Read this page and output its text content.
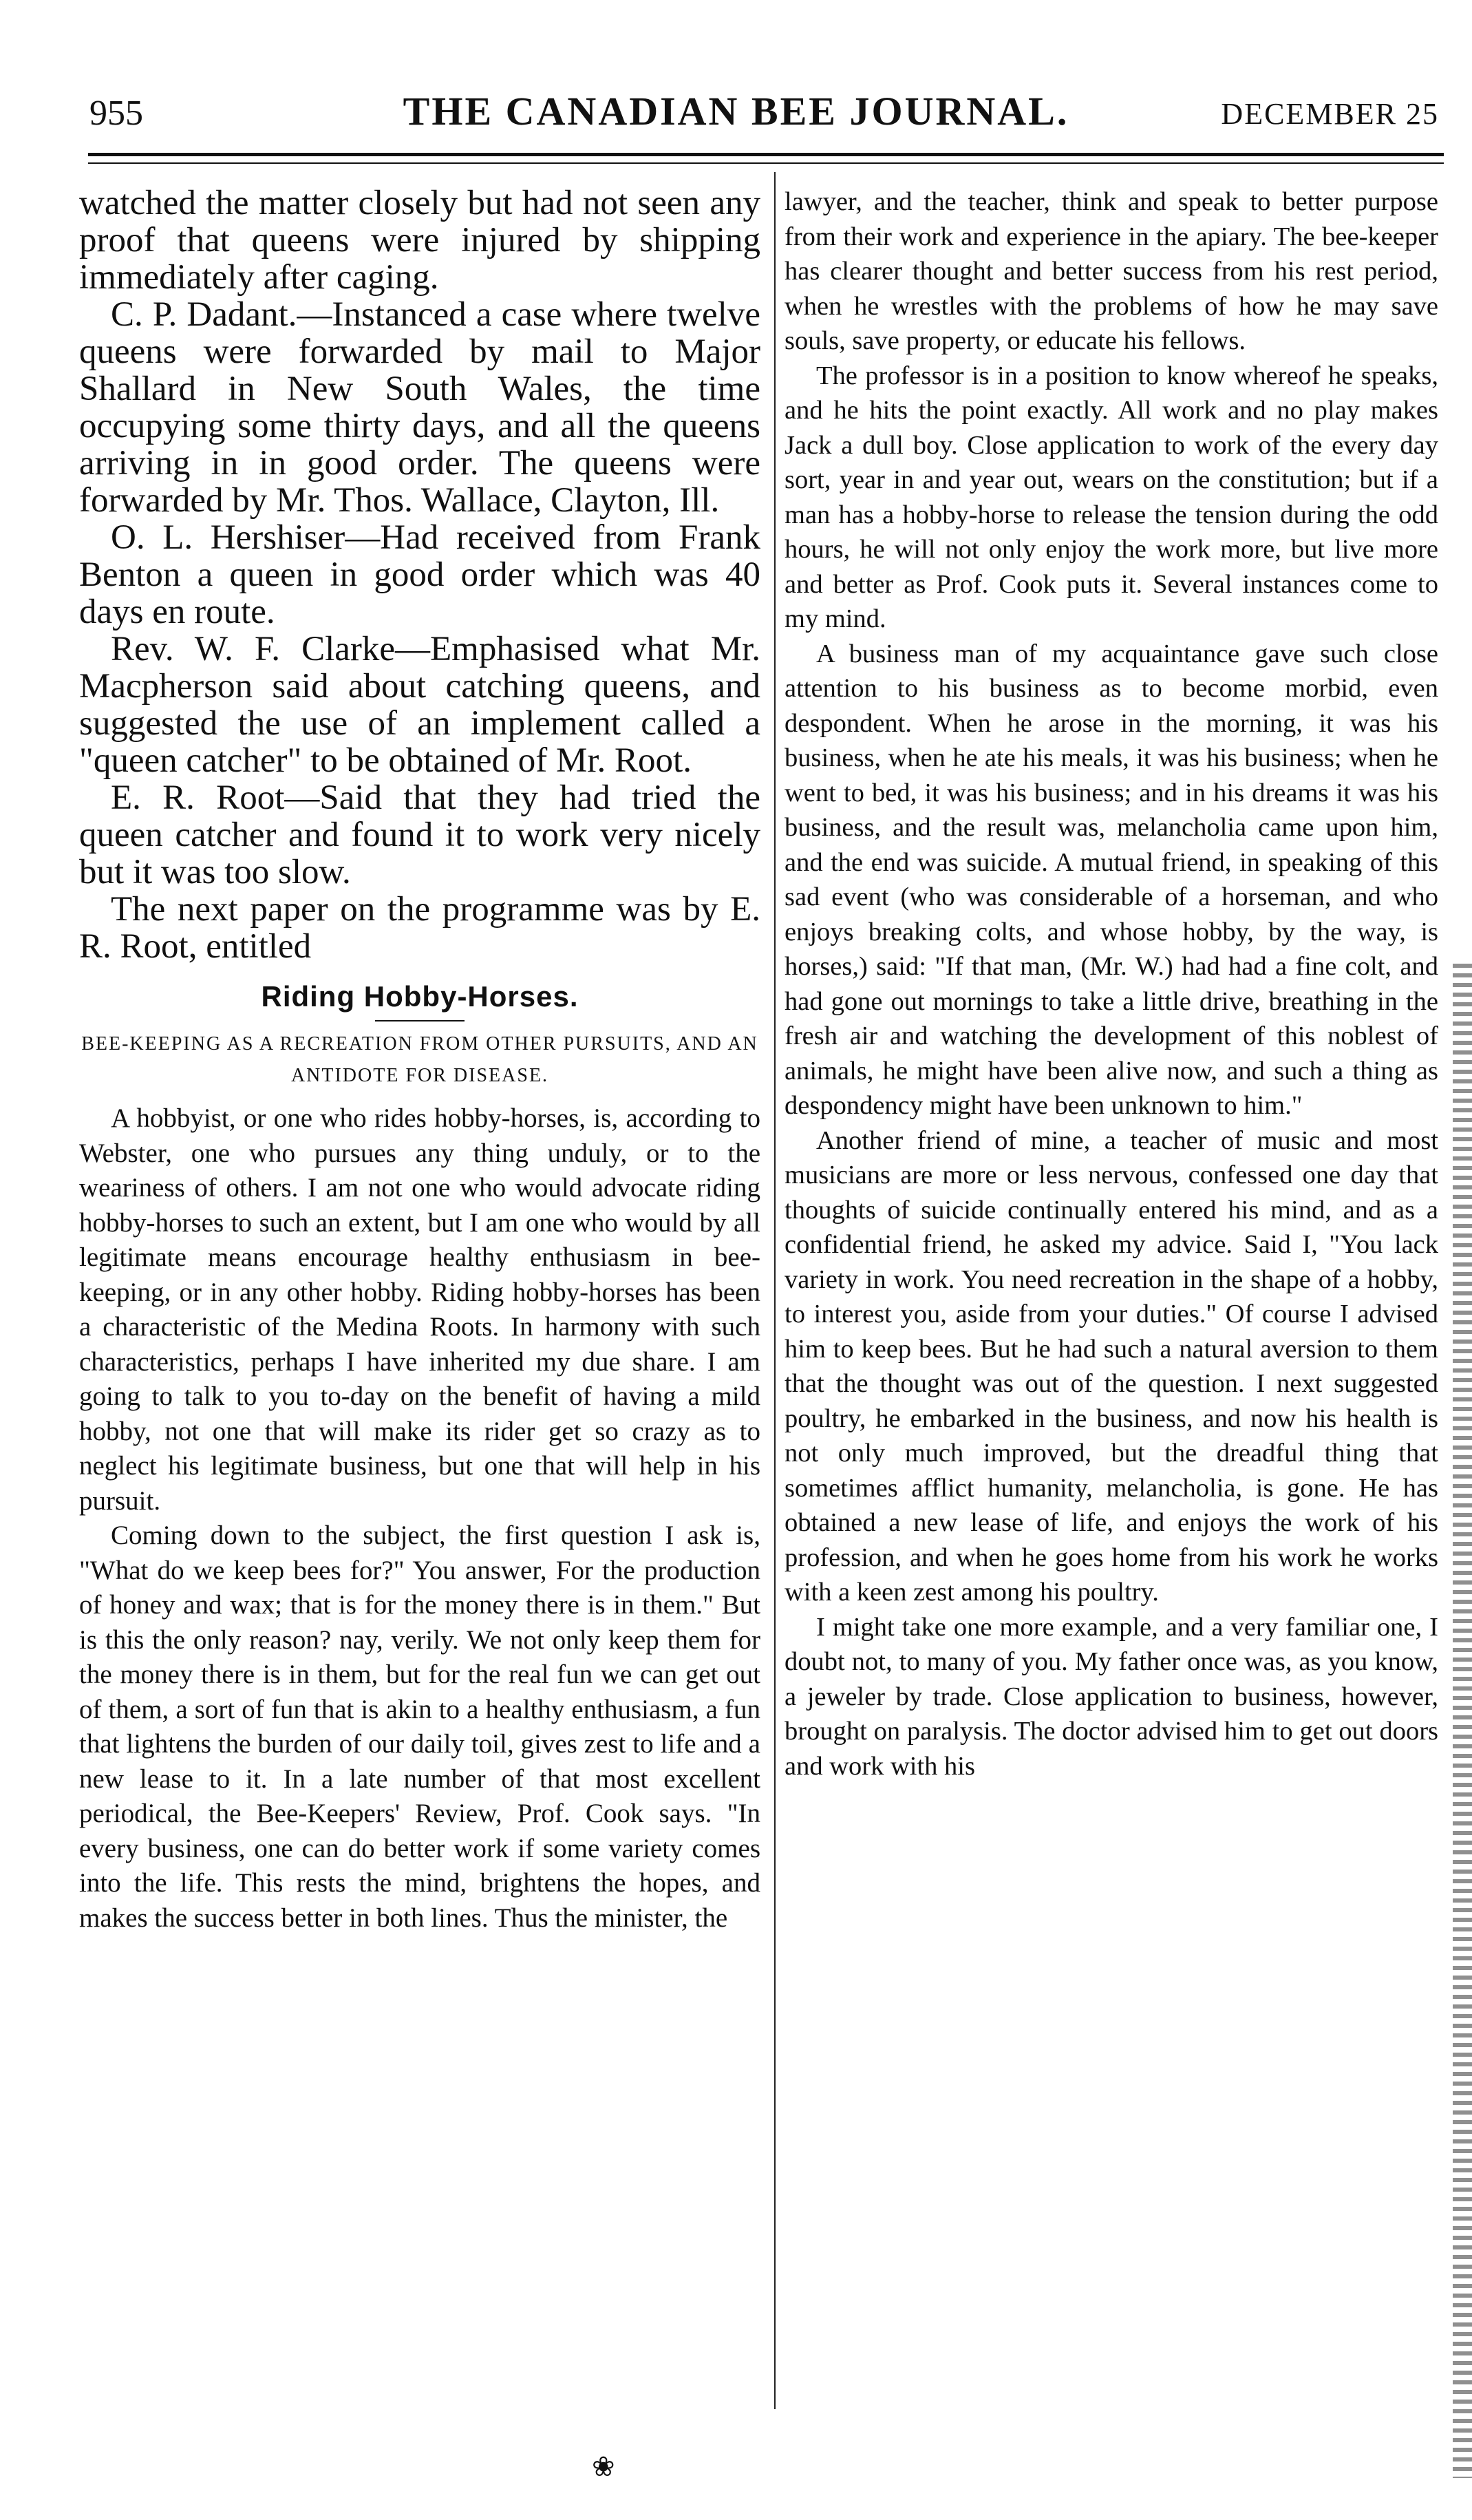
955	THE CANADIAN BEE JOURNAL.	DECEMBER 25

watched the matter closely but had not seen any proof that queens were injured by shipping immediately after caging.

C. P. Dadant.—Instanced a case where twelve queens were forwarded by mail to Major Shallard in New South Wales, the time occupying some thirty days, and all the queens arriving in in good order. The queens were forwarded by Mr. Thos. Wallace, Clayton, Ill.

O. L. Hershiser—Had received from Frank Benton a queen in good order which was 40 days en route.

Rev. W. F. Clarke—Emphasised what Mr. Macpherson said about catching queens, and suggested the use of an implement called a "queen catcher" to be obtained of Mr. Root.

E. R. Root—Said that they had tried the queen catcher and found it to work very nicely but it was too slow.

The next paper on the programme was by E. R. Root, entitled

Riding Hobby-Horses.
BEE-KEEPING AS A RECREATION FROM OTHER PURSUITS, AND AN ANTIDOTE FOR DISEASE.

A hobbyist, or one who rides hobby-horses, is, according to Webster, one who pursues any thing unduly, or to the weariness of others. I am not one who would advocate riding hobby-horses to such an extent, but I am one who would by all legitimate means encourage healthy enthusiasm in bee-keeping, or in any other hobby. Riding hobby-horses has been a characteristic of the Medina Roots. In harmony with such characteristics, perhaps I have inherited my due share. I am going to talk to you to-day on the benefit of having a mild hobby, not one that will make its rider get so crazy as to neglect his legitimate business, but one that will help in his pursuit.

Coming down to the subject, the first question I ask is, "What do we keep bees for?" You answer, For the production of honey and wax; that is for the money there is in them." But is this the only reason? nay, verily. We not only keep them for the money there is in them, but for the real fun we can get out of them, a sort of fun that is akin to a healthy enthusiasm, a fun that lightens the burden of our daily toil, gives zest to life and a new lease to it. In a late number of that most excellent periodical, the Bee-Keepers' Review, Prof. Cook says. "In every business, one can do better work if some variety comes into the life. This rests the mind, brightens the hopes, and makes the success better in both lines. Thus the minister, the

lawyer, and the teacher, think and speak to better purpose from their work and experience in the apiary. The bee-keeper has clearer thought and better success from his rest period, when he wrestles with the problems of how he may save souls, save property, or educate his fellows.

The professor is in a position to know whereof he speaks, and he hits the point exactly. All work and no play makes Jack a dull boy. Close application to work of the every day sort, year in and year out, wears on the constitution; but if a man has a hobby-horse to release the tension during the odd hours, he will not only enjoy the work more, but live more and better as Prof. Cook puts it. Several instances come to my mind.

A business man of my acquaintance gave such close attention to his business as to become morbid, even despondent. When he arose in the morning, it was his business, when he ate his meals, it was his business; when he went to bed, it was his business; and in his dreams it was his business, and the result was, melancholia came upon him, and the end was suicide. A mutual friend, in speaking of this sad event (who was considerable of a horseman, and who enjoys breaking colts, and whose hobby, by the way, is horses,) said: "If that man, (Mr. W.) had had a fine colt, and had gone out mornings to take a little drive, breathing in the fresh air and watching the development of this noblest of animals, he might have been alive now, and such a thing as despondency might have been unknown to him."

Another friend of mine, a teacher of music and most musicians are more or less nervous, confessed one day that thoughts of suicide continually entered his mind, and as a confidential friend, he asked my advice. Said I, "You lack variety in work. You need recreation in the shape of a hobby, to interest you, aside from your duties." Of course I advised him to keep bees. But he had such a natural aversion to them that the thought was out of the question. I next suggested poultry, he embarked in the business, and now his health is not only much improved, but the dreadful thing that sometimes afflict humanity, melancholia, is gone. He has obtained a new lease of life, and enjoys the work of his profession, and when he goes home from his work he works with a keen zest among his poultry.

I might take one more example, and a very familiar one, I doubt not, to many of you. My father once was, as you know, a jeweler by trade. Close application to business, however, brought on paralysis. The doctor advised him to get out doors and work with his

❀
